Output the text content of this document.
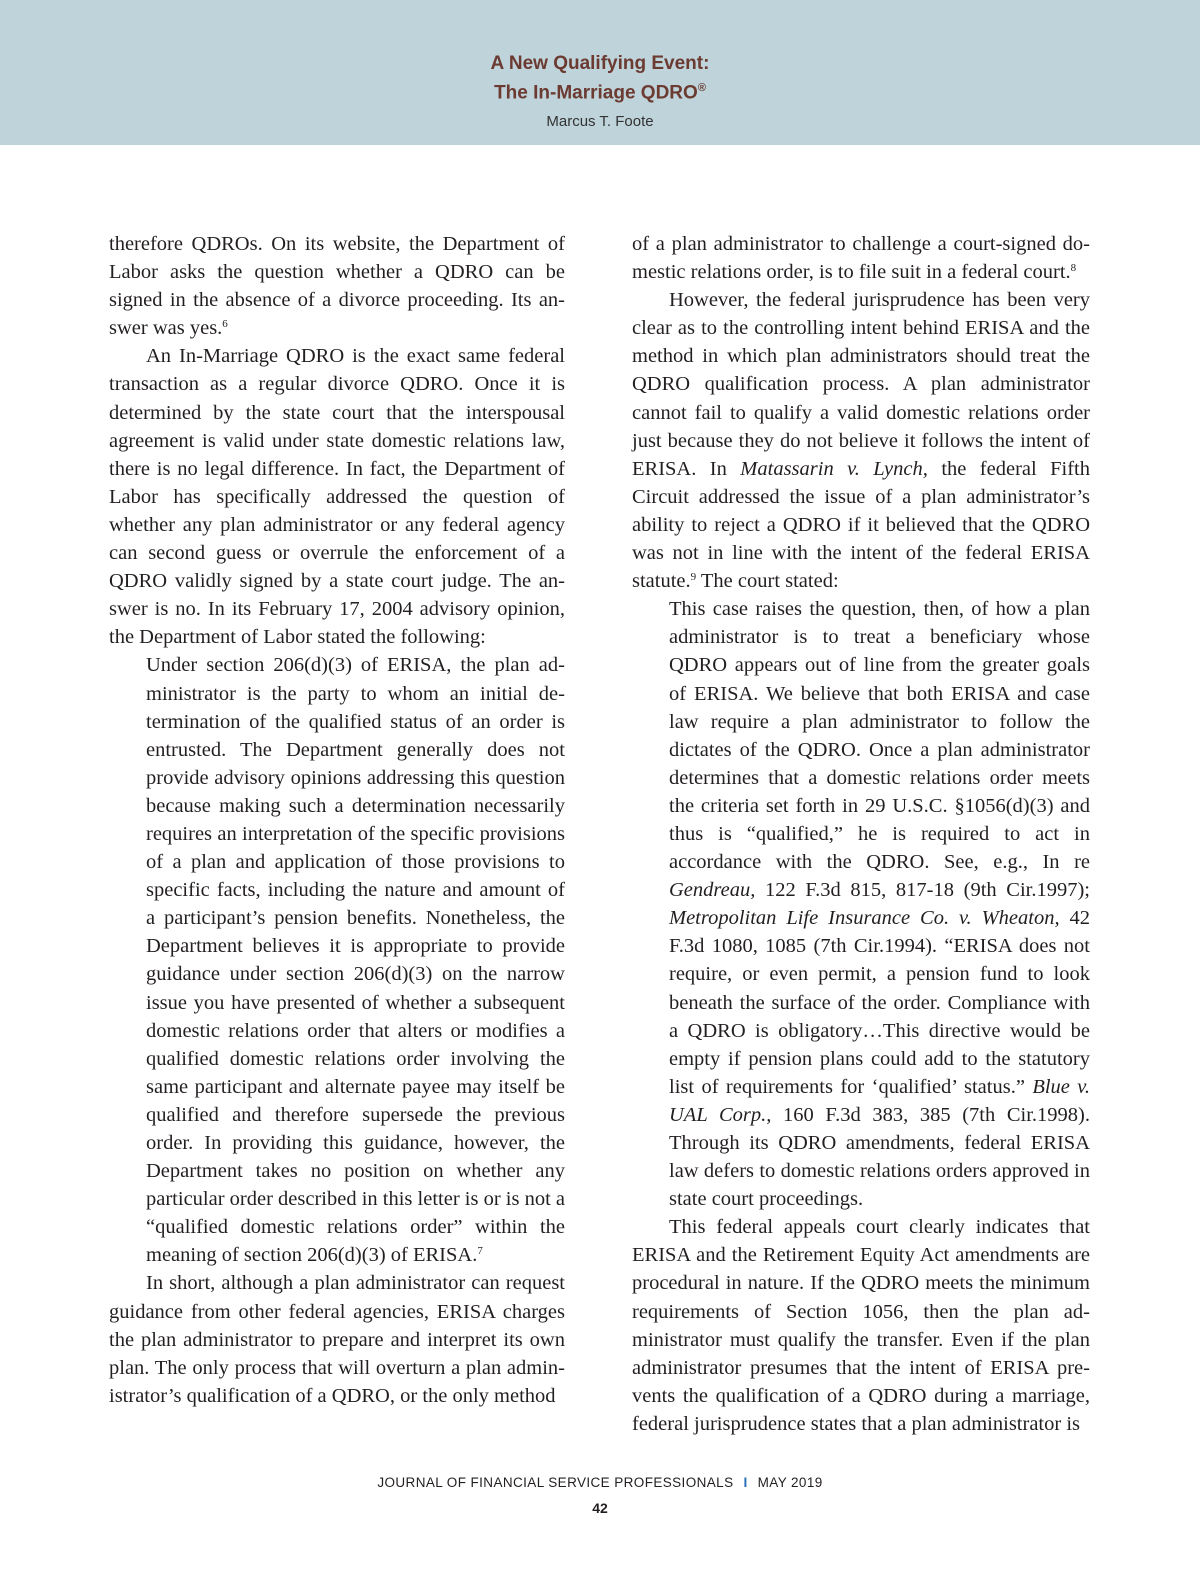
A New Qualifying Event:
The In-Marriage QDRO®
Marcus T. Foote

therefore QDROs. On its website, the Department of Labor asks the question whether a QDRO can be signed in the absence of a divorce proceeding. Its answer was yes.$^6$

An In-Marriage QDRO is the exact same federal transaction as a regular divorce QDRO. Once it is determined by the state court that the interspousal agreement is valid under state domestic relations law, there is no legal difference. In fact, the Department of Labor has specifically addressed the question of whether any plan administrator or any federal agency can second guess or overrule the enforcement of a QDRO validly signed by a state court judge. The answer is no. In its February 17, 2004 advisory opinion, the Department of Labor stated the following:

Under section 206(d)(3) of ERISA, the plan administrator is the party to whom an initial determination of the qualified status of an order is entrusted. The Department generally does not provide advisory opinions addressing this question because making such a determination necessarily requires an interpretation of the specific provisions of a plan and application of those provisions to specific facts, including the nature and amount of a participant’s pension benefits. Nonetheless, the Department believes it is appropriate to provide guidance under section 206(d)(3) on the narrow issue you have presented of whether a subsequent domestic relations order that alters or modifies a qualified domestic relations order involving the same participant and alternate payee may itself be qualified and therefore supersede the previous order. In providing this guidance, however, the Department takes no position on whether any particular order described in this letter is or is not a “qualified domestic relations order” within the meaning of section 206(d)(3) of ERISA.$^7$

In short, although a plan administrator can request guidance from other federal agencies, ERISA charges the plan administrator to prepare and interpret its own plan. The only process that will overturn a plan administrator’s qualification of a QDRO, or the only method

of a plan administrator to challenge a court-signed domestic relations order, is to file suit in a federal court.$^8$

However, the federal jurisprudence has been very clear as to the controlling intent behind ERISA and the method in which plan administrators should treat the QDRO qualification process. A plan administrator cannot fail to qualify a valid domestic relations order just because they do not believe it follows the intent of ERISA. In Matassarin v. Lynch, the federal Fifth Circuit addressed the issue of a plan administrator’s ability to reject a QDRO if it believed that the QDRO was not in line with the intent of the federal ERISA statute.$^9$ The court stated:

This case raises the question, then, of how a plan administrator is to treat a beneficiary whose QDRO appears out of line from the greater goals of ERISA. We believe that both ERISA and case law require a plan administrator to follow the dictates of the QDRO. Once a plan administrator determines that a domestic relations order meets the criteria set forth in 29 U.S.C. §1056(d)(3) and thus is “qualified,” he is required to act in accordance with the QDRO. See, e.g., In re Gendreau, 122 F.3d 815, 817-18 (9th Cir.1997); Metropolitan Life Insurance Co. v. Wheaton, 42 F.3d 1080, 1085 (7th Cir.1994). “ERISA does not require, or even permit, a pension fund to look beneath the surface of the order. Compliance with a QDRO is obligatory…This directive would be empty if pension plans could add to the statutory list of requirements for ‘qualified’ status.” Blue v. UAL Corp., 160 F.3d 383, 385 (7th Cir.1998). Through its QDRO amendments, federal ERISA law defers to domestic relations orders approved in state court proceedings.

This federal appeals court clearly indicates that ERISA and the Retirement Equity Act amendments are procedural in nature. If the QDRO meets the minimum requirements of Section 1056, then the plan administrator must qualify the transfer. Even if the plan administrator presumes that the intent of ERISA prevents the qualification of a QDRO during a marriage, federal jurisprudence states that a plan administrator is

JOURNAL OF FINANCIAL SERVICE PROFESSIONALS I MAY 2019
42
